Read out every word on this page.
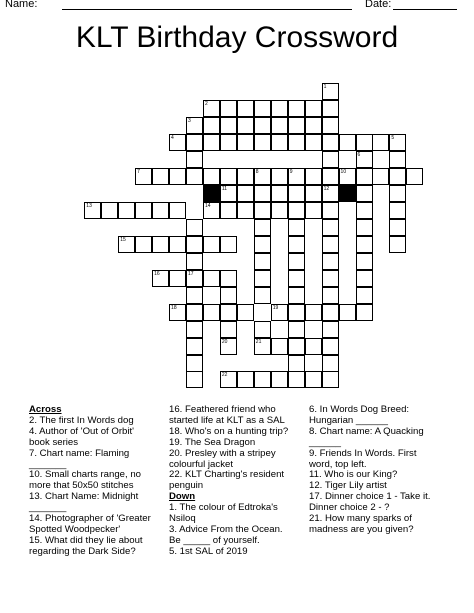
Name:	Date:
KLT Birthday Crossword
1
12
2
3
4	5
6
7	8	9	10
11
13	14
15
16	17
18	19
20	21
22
Across
2. The first In Words dog
4. Author of 'Out of Orbit'
book series
7. Chart name: Flaming
_______
10. Small charts range, no
more that 50x50 stitches
13. Chart Name: Midnight
_______
14. Photographer of 'Greater
Spotted Woodpecker'
15. What did they lie about
regarding the Dark Side?
16. Feathered friend who
started life at KLT as a SAL
18. Who's on a hunting trip?
19. The Sea Dragon
20. Presley with a stripey
colourful jacket
22. KLT Charting's resident
penguin
Down
1. The colour of Edtroka's
Nsiloq
3. Advice From the Ocean.
Be _____ of yourself.
5. 1st SAL of 2019
6. In Words Dog Breed:
Hungarian ______
8. Chart name: A Quacking
______
9. Friends In Words. First
word, top left.
11. Who is our King?
12. Tiger Lily artist
17. Dinner choice 1 - Take it.
Dinner choice 2 - ?
21. How many sparks of
madness are you given?
